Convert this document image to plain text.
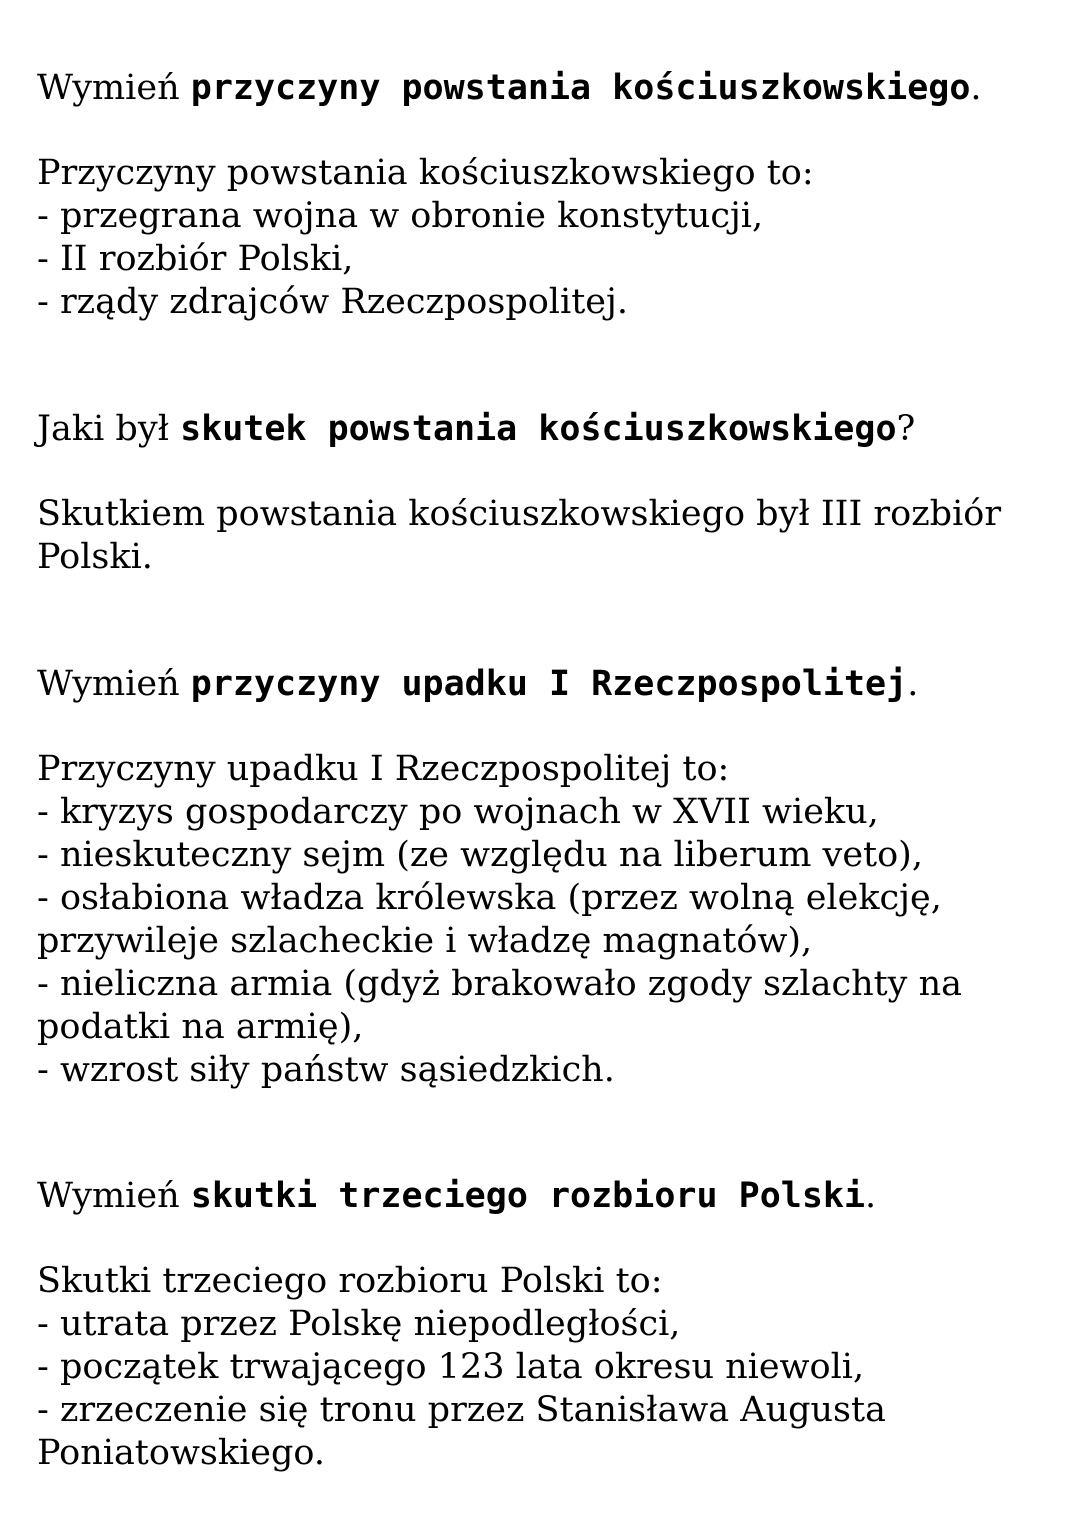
Wymień przyczyny powstania kościuszkowskiego.
Przyczyny powstania kościuszkowskiego to:
- przegrana wojna w obronie konstytucji,
- II rozbiór Polski,
- rządy zdrajców Rzeczpospolitej.
Jaki był skutek powstania kościuszkowskiego?
Skutkiem powstania kościuszkowskiego był III rozbiór
Polski.
Wymień przyczyny upadku I Rzeczpospolitej.
Przyczyny upadku I Rzeczpospolitej to:
- kryzys gospodarczy po wojnach w XVII wieku,
- nieskuteczny sejm (ze względu na liberum veto),
- osłabiona władza królewska (przez wolną elekcję,
przywileje szlacheckie i władzę magnatów),
- nieliczna armia (gdyż brakowało zgody szlachty na
podatki na armię),
- wzrost siły państw sąsiedzkich.
Wymień skutki trzeciego rozbioru Polski.
Skutki trzeciego rozbioru Polski to:
- utrata przez Polskę niepodległości,
- początek trwającego 123 lata okresu niewoli,
- zrzeczenie się tronu przez Stanisława Augusta
Poniatowskiego.
